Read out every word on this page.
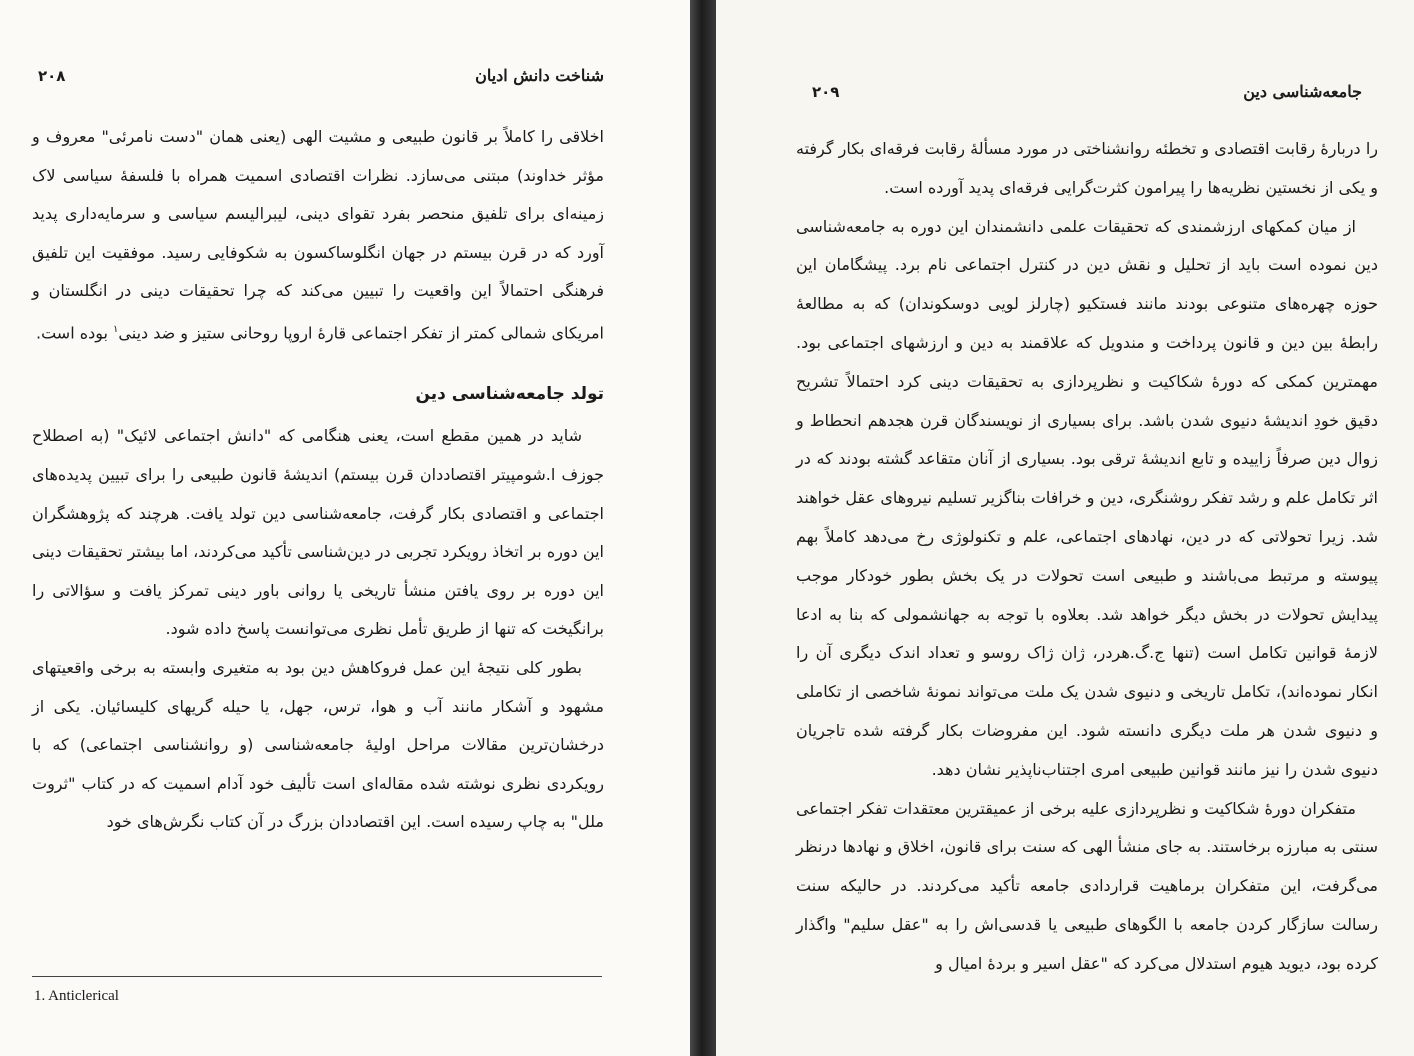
شناخت دانش ادیان
۲۰۸

اخلاقی را کاملاً بر قانون طبیعی و مشیت الهی (یعنی همان "دست نامرئی" معروف و مؤثر خداوند) مبتنی می‌سازد. نظرات اقتصادی اسمیت همراه با فلسفهٔ سیاسی لاک زمینه‌ای برای تلفیق منحصر بفرد تقوای دینی، لیبرالیسم سیاسی و سرمایه‌داری پدید آورد که در قرن بیستم در جهان انگلوساکسون به شکوفایی رسید. موفقیت این تلفیق فرهنگی احتمالاً این واقعیت را تبیین می‌کند که چرا تحقیقات دینی در انگلستان و امریکای شمالی کمتر از تفکر اجتماعی قارهٔ اروپا روحانی ستیز و ضد دینی$^۱$ بوده است.

تولد جامعه‌شناسی دین

شاید در همین مقطع است، یعنی هنگامی که "دانش اجتماعی لائیک" (به اصطلاح جوزف ا.شومپیتر اقتصاددان قرن بیستم) اندیشهٔ قانون طبیعی را برای تبیین پدیده‌های اجتماعی و اقتصادی بکار گرفت، جامعه‌شناسی دین تولد یافت. هرچند که پژوهشگران این دوره بر اتخاذ رویکرد تجربی در دین‌شناسی تأکید می‌کردند، اما بیشتر تحقیقات دینی این دوره بر روی یافتن منشأ تاریخی یا روانی باور دینی تمرکز یافت و سؤالاتی را برانگیخت که تنها از طریق تأمل نظری می‌توانست پاسخ داده شود.

بطور کلی نتیجهٔ این عمل فروکاهش دین بود به متغیری وابسته به برخی واقعیتهای مشهود و آشکار مانند آب و هوا، ترس، جهل، یا حیله گریهای کلیسائیان. یکی از درخشان‌ترین مقالات مراحل اولیهٔ جامعه‌شناسی (و روانشناسی اجتماعی) که با رویکردی نظری نوشته شده مقاله‌ای است تألیف خود آدام اسمیت که در کتاب "ثروت ملل" به چاپ رسیده است. این اقتصاددان بزرگ در آن کتاب نگرش‌های خود

1. Anticlerical
جامعه‌شناسی دین
۲۰۹

را دربارهٔ رقابت اقتصادی و تخطئه روانشناختی در مورد مسألهٔ رقابت فرقه‌ای بکار گرفته و یکی از نخستین نظریه‌ها را پیرامون کثرت‌گرایی فرقه‌ای پدید آورده است.

از میان کمکهای ارزشمندی که تحقیقات علمی دانشمندان این دوره به جامعه‌شناسی دین نموده است باید از تحلیل و نقش دین در کنترل اجتماعی نام برد. پیشگامان این حوزه چهره‌های متنوعی بودند مانند فستکیو (چارلز لویی دوسکوندان) که به مطالعهٔ رابطهٔ بین دین و قانون پرداخت و مندویل که علاقمند به دین و ارزشهای اجتماعی بود. مهمترین کمکی که دورهٔ شکاکیت و نظرپردازی به تحقیقات دینی کرد احتمالاً تشریح دقیق خودِ اندیشهٔ دنیوی شدن باشد. برای بسیاری از نویسندگان قرن هجدهم انحطاط و زوال دین صرفاً زاییده و تابع اندیشهٔ ترقی بود. بسیاری از آنان متقاعد گشته بودند که در اثر تکامل علم و رشد تفکر روشنگری، دین و خرافات بناگزیر تسلیم نیروهای عقل خواهند شد. زیرا تحولاتی که در دین، نهادهای اجتماعی، علم و تکنولوژی رخ می‌دهد کاملاً بهم پیوسته و مرتبط می‌باشند و طبیعی است تحولات در یک بخش بطور خودکار موجب پیدایش تحولات در بخش دیگر خواهد شد. بعلاوه با توجه به جهانشمولی که بنا به ادعا لازمهٔ قوانین تکامل است (تنها ج.گ.هردر، ژان ژاک روسو و تعداد اندک دیگری آن را انکار نموده‌اند)، تکامل تاریخی و دنیوی شدن یک ملت می‌تواند نمونهٔ شاخصی از تکاملی و دنیوی شدن هر ملت دیگری دانسته شود. این مفروضات بکار گرفته شده تاجریان دنیوی شدن را نیز مانند قوانین طبیعی امری اجتناب‌ناپذیر نشان دهد.

متفکران دورهٔ شکاکیت و نظرپردازی علیه برخی از عمیقترین معتقدات تفکر اجتماعی سنتی به مبارزه برخاستند. به جای منشأ الهی که سنت برای قانون، اخلاق و نهادها درنظر می‌گرفت، این متفکران برماهیت قراردادی جامعه تأکید می‌کردند. در حالیکه سنت رسالت سازگار کردن جامعه با الگوهای طبیعی یا قدسی‌اش را به "عقل سلیم" واگذار کرده بود، دیوید هیوم استدلال می‌کرد که "عقل اسیر و بردهٔ امیال و
